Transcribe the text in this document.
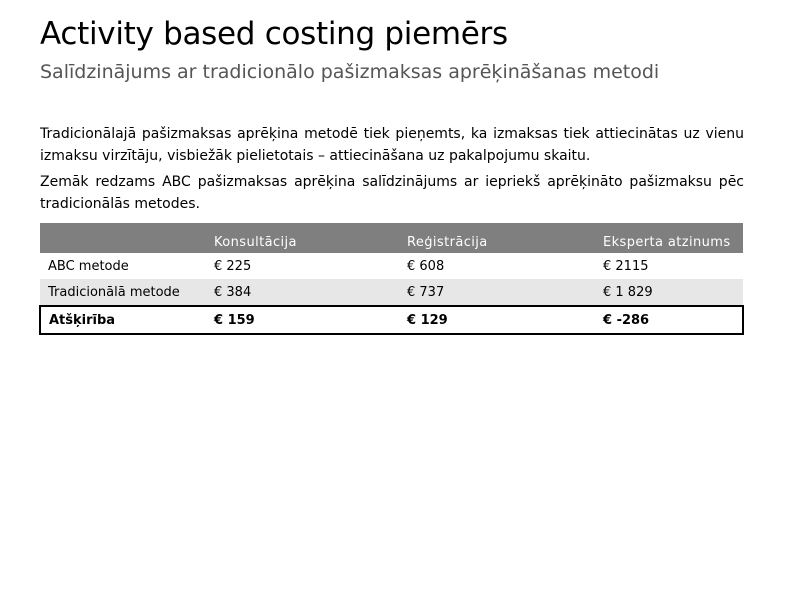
Activity based costing piemērs
Salīdzinājums ar tradicionālo pašizmaksas aprēķināšanas metodi
Tradicionālajā pašizmaksas aprēķina metodē tiek pieņemts, ka izmaksas tiek attiecinātas uz vienu izmaksu virzītāju, visbiežāk pielietotais – attiecināšana uz pakalpojumu skaitu.
Zemāk redzams ABC pašizmaksas aprēķina salīdzinājums ar iepriekš aprēķināto pašizmaksu pēc tradicionālās metodes.
	Konsultācija	Reģistrācija	Eksperta atzinums
ABC metode	€ 225	€ 608	€ 2115
Tradicionālā metode	€ 384	€ 737	€ 1 829
Atšķirība	€ 159	€ 129	€ -286
